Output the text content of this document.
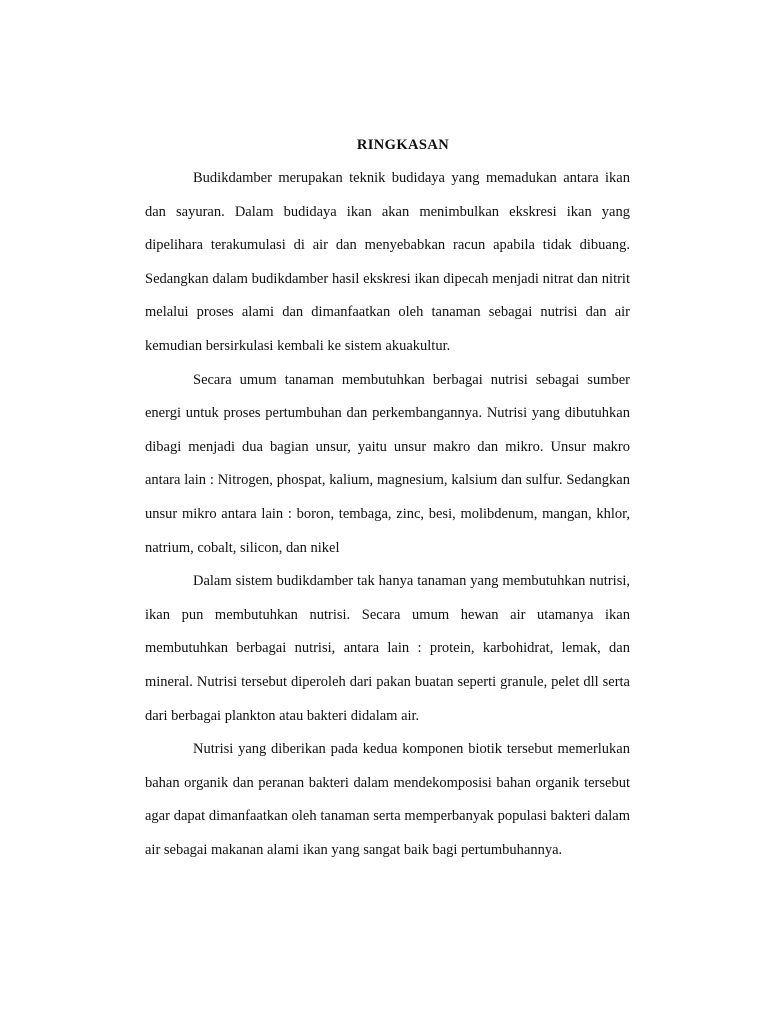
RINGKASAN

Budikdamber merupakan teknik budidaya yang memadukan antara ikan dan sayuran. Dalam budidaya ikan akan menimbulkan ekskresi ikan yang dipelihara terakumulasi di air dan menyebabkan racun apabila tidak dibuang. Sedangkan dalam budikdamber hasil ekskresi ikan dipecah menjadi nitrat dan nitrit melalui proses alami dan dimanfaatkan oleh tanaman sebagai nutrisi dan air kemudian bersirkulasi kembali ke sistem akuakultur.

Secara umum tanaman membutuhkan berbagai nutrisi sebagai sumber energi untuk proses pertumbuhan dan perkembangannya. Nutrisi yang dibutuhkan dibagi menjadi dua bagian unsur, yaitu unsur makro dan mikro. Unsur makro antara lain : Nitrogen, phospat, kalium, magnesium, kalsium dan sulfur. Sedangkan unsur mikro antara lain : boron, tembaga, zinc, besi, molibdenum, mangan, khlor, natrium, cobalt, silicon, dan nikel

Dalam sistem budikdamber tak hanya tanaman yang membutuhkan nutrisi, ikan pun membutuhkan nutrisi. Secara umum hewan air utamanya ikan membutuhkan berbagai nutrisi, antara lain : protein, karbohidrat, lemak, dan mineral. Nutrisi tersebut diperoleh dari pakan buatan seperti granule, pelet dll serta dari berbagai plankton atau bakteri didalam air.

Nutrisi yang diberikan pada kedua komponen biotik tersebut memerlukan bahan organik dan peranan bakteri dalam mendekomposisi bahan organik tersebut agar dapat dimanfaatkan oleh tanaman serta memperbanyak populasi bakteri dalam air sebagai makanan alami ikan yang sangat baik bagi pertumbuhannya.
